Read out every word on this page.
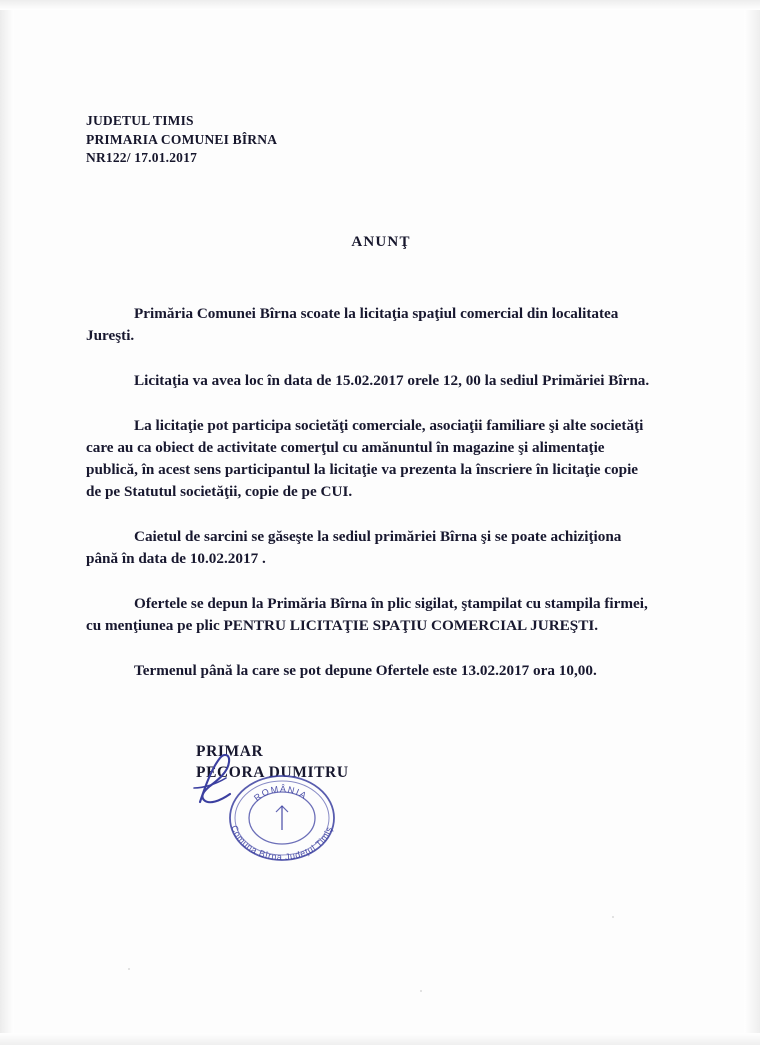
JUDETUL TIMIS
PRIMARIA COMUNEI BÎRNA
NR122/ 17.01.2017
ANUNŢ
Primăria Comunei Bîrna scoate la licitaţia spaţiul comercial din localitatea Jureşti.
Licitaţia va avea loc în data de 15.02.2017 orele 12, 00 la sediul Primăriei Bîrna.
La licitaţie pot participa societăţi comerciale, asociaţii familiare şi alte societăţi care au ca obiect de activitate comerţul cu amănuntul în magazine şi alimentaţie publică, în acest sens participantul la licitaţie va prezenta la înscriere în licitaţie copie de pe Statutul societăţii, copie de pe CUI.
Caietul de sarcini se găseşte la sediul primăriei Bîrna şi se poate achiziţiona până în data de 10.02.2017 .
Ofertele se depun la Primăria Bîrna în plic sigilat, ştampilat cu stampila firmei, cu menţiunea pe plic PENTRU LICITAŢIE SPAŢIU COMERCIAL JUREŞTI.
Termenul până la care se pot depune Ofertele este 13.02.2017 ora 10,00.
PRIMAR
PECORA DUMITRU
Comuna Bîrna Judeţul Timiş
ROMÂNIA
